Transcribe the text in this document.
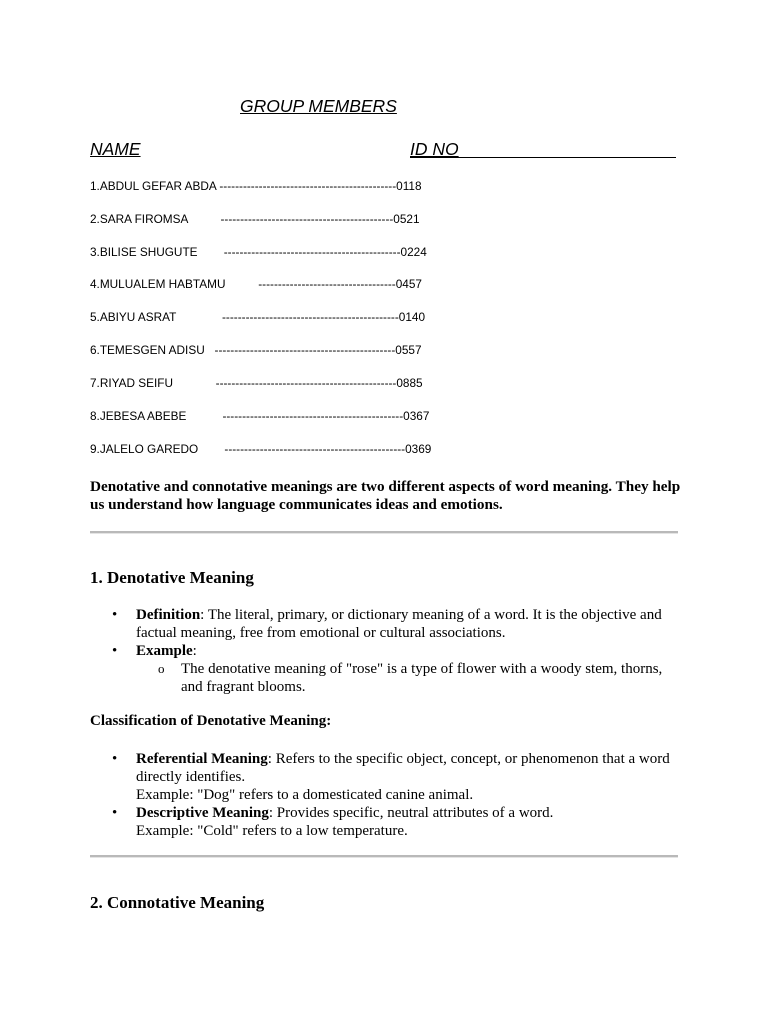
GROUP MEMBERS
NAME	ID NO
1.ABDUL GEFAR ABDA ---------------------------------------------0118
2.SARA FIROMSA          --------------------------------------------0521
3.BILISE SHUGUTE        ---------------------------------------------0224
4.MULUALEM HABTAMU          -----------------------------------0457
5.ABIYU ASRAT              ---------------------------------------------0140
6.TEMESGEN ADISU   ----------------------------------------------0557
7.RIYAD SEIFU             ----------------------------------------------0885
8.JEBESA ABEBE           ----------------------------------------------0367
9.JALELO GAREDO        ----------------------------------------------0369
Denotative and connotative meanings are two different aspects of word meaning. They help us understand how language communicates ideas and emotions.
1. Denotative Meaning
• Definition: The literal, primary, or dictionary meaning of a word. It is the objective and factual meaning, free from emotional or cultural associations.
• Example:
o The denotative meaning of "rose" is a type of flower with a woody stem, thorns, and fragrant blooms.
Classification of Denotative Meaning:
• Referential Meaning: Refers to the specific object, concept, or phenomenon that a word directly identifies.
Example: "Dog" refers to a domesticated canine animal.
• Descriptive Meaning: Provides specific, neutral attributes of a word.
Example: "Cold" refers to a low temperature.
2. Connotative Meaning
